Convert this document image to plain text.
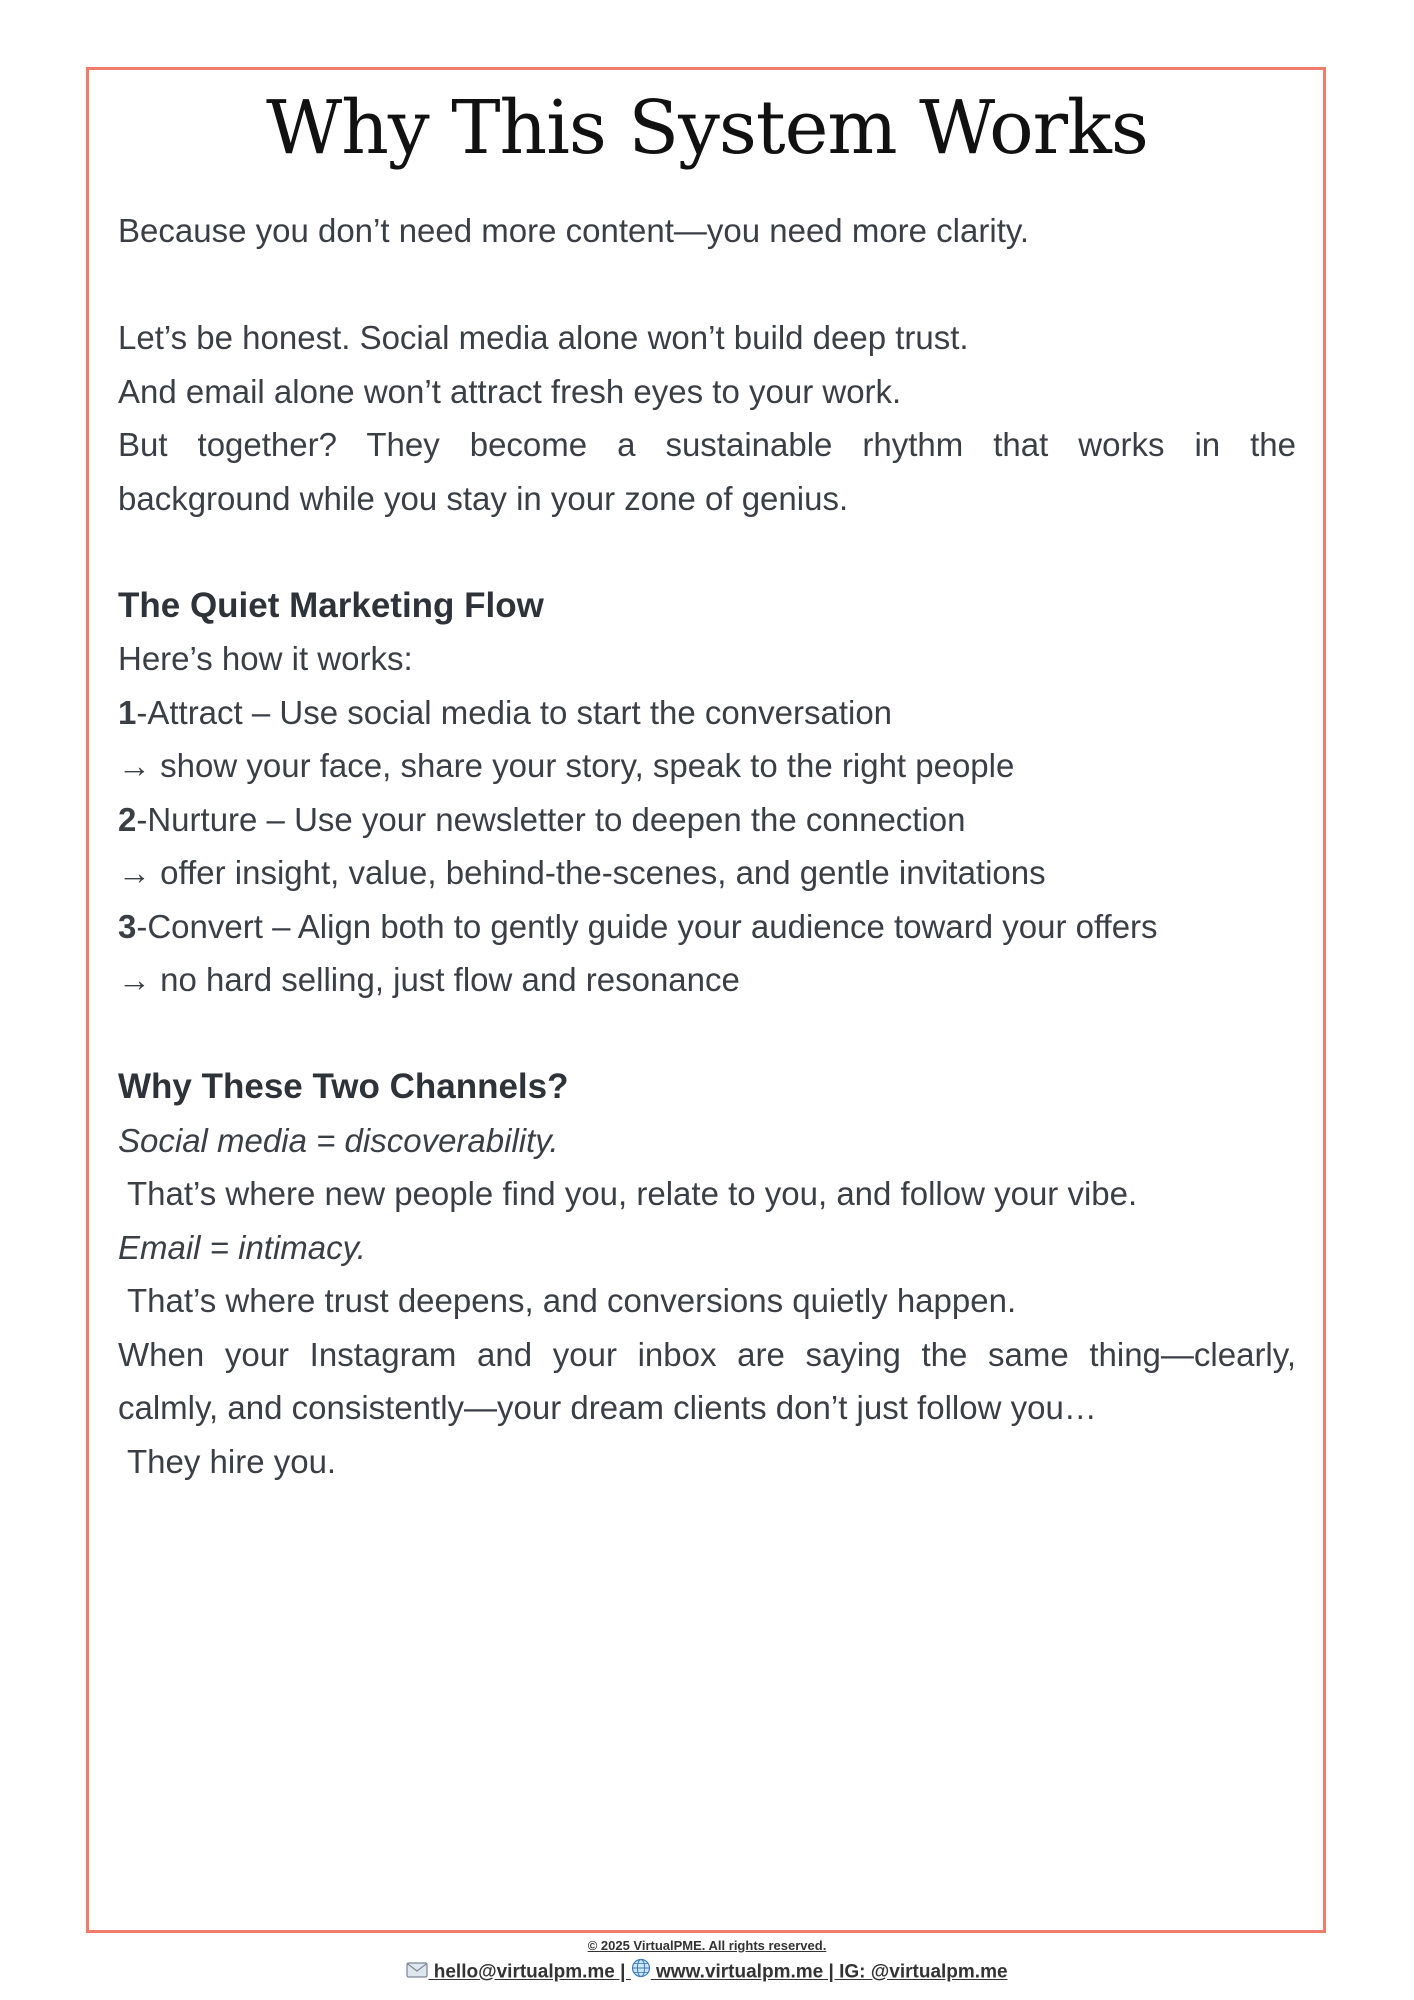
Why This System Works
Because you don’t need more content—you need more clarity.
Let’s be honest. Social media alone won’t build deep trust.
And email alone won’t attract fresh eyes to your work.
But together? They become a sustainable rhythm that works in the
background while you stay in your zone of genius.
The Quiet Marketing Flow
Here’s how it works:
1-Attract – Use social media to start the conversation
→ show your face, share your story, speak to the right people
2-Nurture – Use your newsletter to deepen the connection
→ offer insight, value, behind-the-scenes, and gentle invitations
3-Convert – Align both to gently guide your audience toward your offers
→ no hard selling, just flow and resonance
Why These Two Channels?
Social media = discoverability.
That’s where new people find you, relate to you, and follow your vibe.
Email = intimacy.
That’s where trust deepens, and conversions quietly happen.
When your Instagram and your inbox are saying the same thing—clearly,
calmly, and consistently—your dream clients don’t just follow you…
They hire you.
© 2025 VirtualPME. All rights reserved.
hello@virtualpm.me |  www.virtualpm.me | IG: @virtualpm.me
